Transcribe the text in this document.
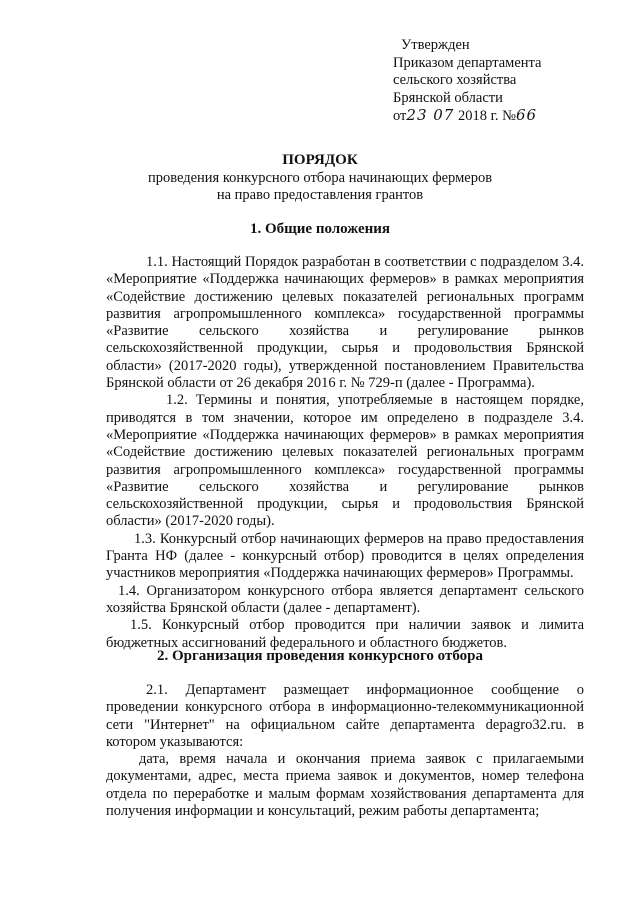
Утвержден
Приказом департамента
сельского хозяйства
Брянской области
от23 07 2018 г. №66
ПОРЯДОК
проведения конкурсного отбора начинающих фермеров
на право предоставления грантов
1. Общие положения

1.1. Настоящий Порядок разработан в соответствии с подразделом 3.4. «Мероприятие «Поддержка начинающих фермеров» в рамках мероприятия «Содействие достижению целевых показателей региональных программ развития агропромышленного комплекса» государственной программы «Развитие сельского хозяйства и регулирование рынков сельскохозяйственной продукции, сырья и продовольствия Брянской области» (2017-2020 годы), утвержденной постановлением Правительства Брянской области от 26 декабря 2016 г. № 729-п (далее - Программа).

1.2. Термины и понятия, употребляемые в настоящем порядке, приводятся в том значении, которое им определено в подразделе 3.4. «Мероприятие «Поддержка начинающих фермеров» в рамках мероприятия «Содействие достижению целевых показателей региональных программ развития агропромышленного комплекса» государственной программы «Развитие сельского хозяйства и регулирование рынков сельскохозяйственной продукции, сырья и продовольствия Брянской области» (2017-2020 годы).

1.3. Конкурсный отбор начинающих фермеров на право предоставления Гранта НФ (далее - конкурсный отбор) проводится в целях определения участников мероприятия «Поддержка начинающих фермеров» Программы.

1.4. Организатором конкурсного отбора является департамент сельского хозяйства Брянской области (далее - департамент).

1.5. Конкурсный отбор проводится при наличии заявок и лимита бюджетных ассигнований федерального и областного бюджетов.

2. Организация проведения конкурсного отбора

2.1. Департамент размещает информационное сообщение о проведении конкурсного отбора в информационно-телекоммуникационной сети "Интернет" на официальном сайте департамента depagro32.ru. в котором указываются:

дата, время начала и окончания приема заявок с прилагаемыми документами, адрес, места приема заявок и документов, номер телефона отдела по переработке и малым формам хозяйствования департамента для получения информации и консультаций, режим работы департамента;
